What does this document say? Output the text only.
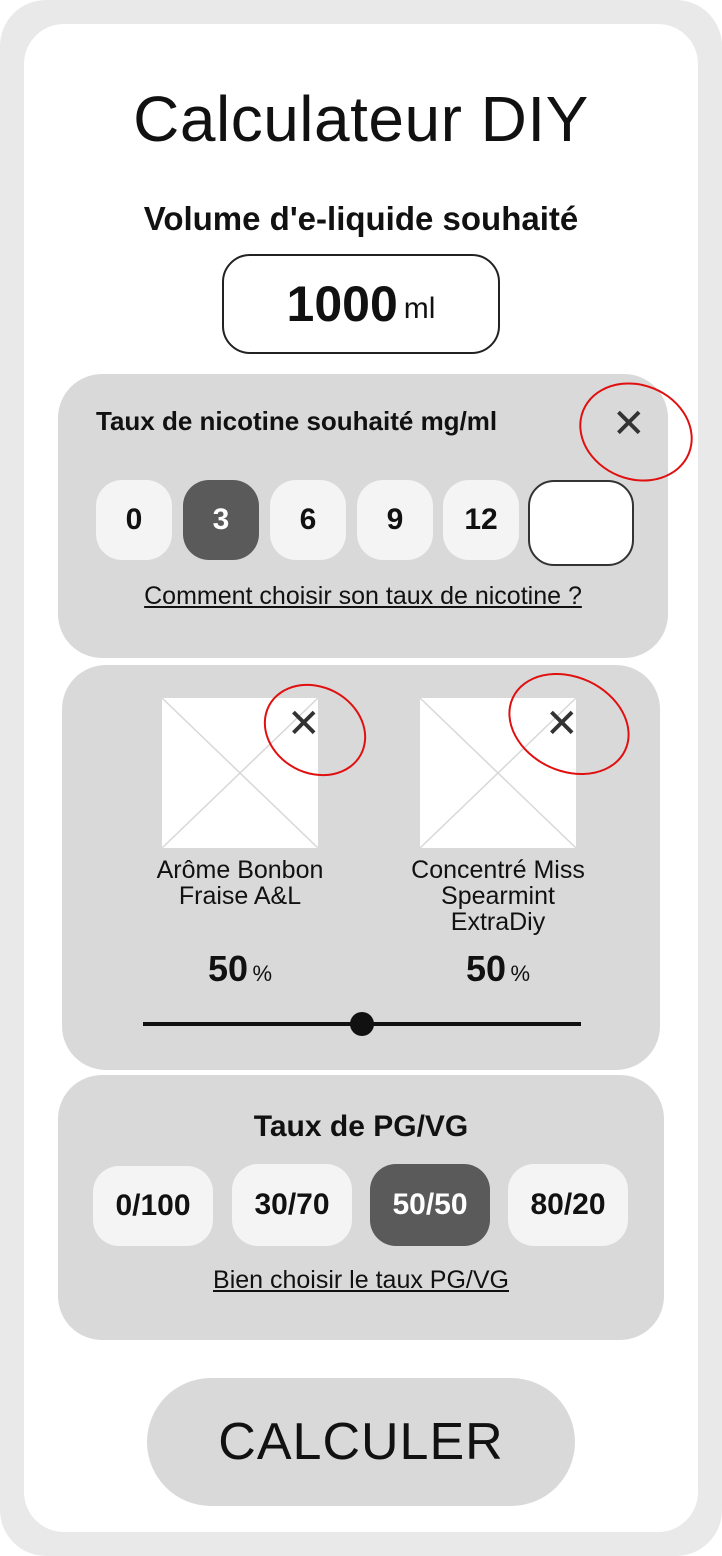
Calculateur DIY
Volume d'e-liquide souhaité
1000 ml
Taux de nicotine souhaité mg/ml	✕
0	3	6	9	12
Comment choisir son taux de nicotine ?
✕	✕
Arôme Bonbon
Fraise A&L
Concentré Miss
Spearmint
ExtraDiy
50 %	50 %
Taux de PG/VG
0/100	30/70	50/50	80/20
Bien choisir le taux PG/VG
CALCULER
